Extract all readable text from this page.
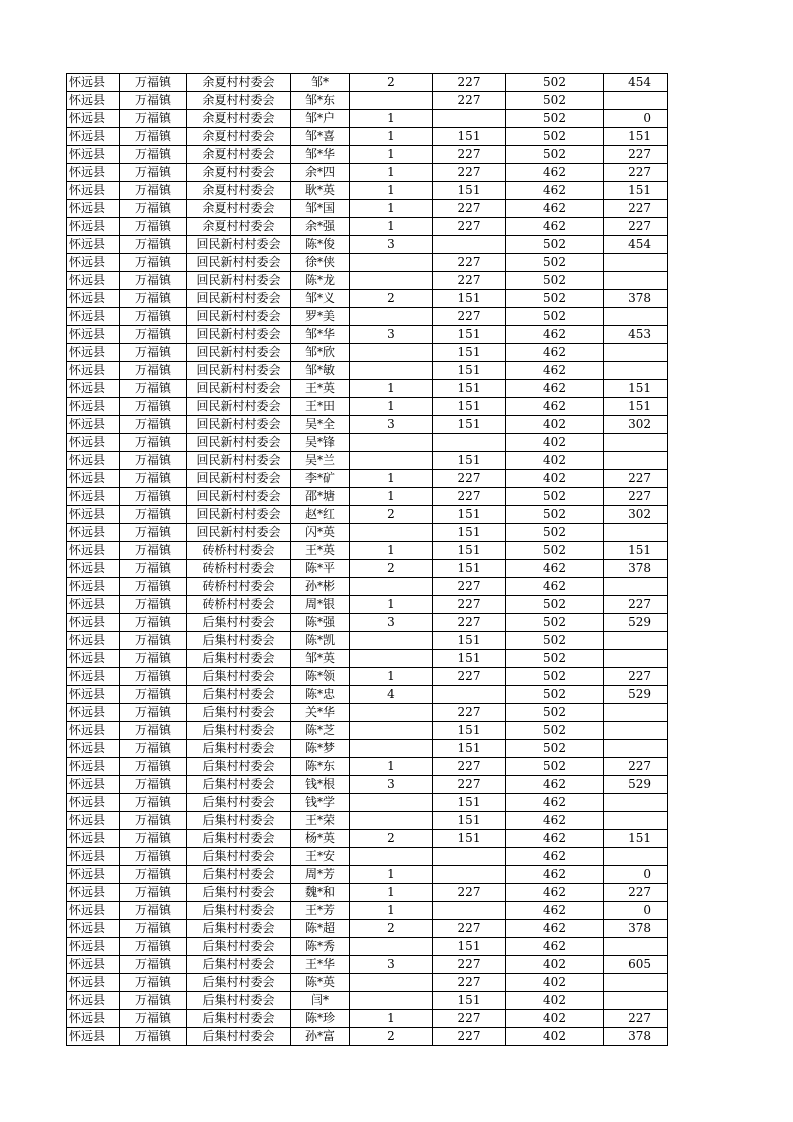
怀远县	万福镇	余夏村村委会	邹*	2	227	502	454
怀远县	万福镇	余夏村村委会	邹*东		227	502	
怀远县	万福镇	余夏村村委会	邹*户	1		502	0
怀远县	万福镇	余夏村村委会	邹*喜	1	151	502	151
怀远县	万福镇	余夏村村委会	邹*华	1	227	502	227
怀远县	万福镇	余夏村村委会	余*四	1	227	462	227
怀远县	万福镇	余夏村村委会	耿*英	1	151	462	151
怀远县	万福镇	余夏村村委会	邹*国	1	227	462	227
怀远县	万福镇	余夏村村委会	余*强	1	227	462	227
怀远县	万福镇	回民新村村委会	陈*俊	3		502	454
怀远县	万福镇	回民新村村委会	徐*侠		227	502	
怀远县	万福镇	回民新村村委会	陈*龙		227	502	
怀远县	万福镇	回民新村村委会	邹*义	2	151	502	378
怀远县	万福镇	回民新村村委会	罗*美		227	502	
怀远县	万福镇	回民新村村委会	邹*华	3	151	462	453
怀远县	万福镇	回民新村村委会	邹*欣		151	462	
怀远县	万福镇	回民新村村委会	邹*敏		151	462	
怀远县	万福镇	回民新村村委会	王*英	1	151	462	151
怀远县	万福镇	回民新村村委会	王*田	1	151	462	151
怀远县	万福镇	回民新村村委会	吴*全	3	151	402	302
怀远县	万福镇	回民新村村委会	吴*锋			402	
怀远县	万福镇	回民新村村委会	吴*兰		151	402	
怀远县	万福镇	回民新村村委会	李*矿	1	227	402	227
怀远县	万福镇	回民新村村委会	邵*塘	1	227	502	227
怀远县	万福镇	回民新村村委会	赵*红	2	151	502	302
怀远县	万福镇	回民新村村委会	闪*英		151	502	
怀远县	万福镇	砖桥村村委会	王*英	1	151	502	151
怀远县	万福镇	砖桥村村委会	陈*平	2	151	462	378
怀远县	万福镇	砖桥村村委会	孙*彬		227	462	
怀远县	万福镇	砖桥村村委会	周*银	1	227	502	227
怀远县	万福镇	后集村村委会	陈*强	3	227	502	529
怀远县	万福镇	后集村村委会	陈*凯		151	502	
怀远县	万福镇	后集村村委会	邹*英		151	502	
怀远县	万福镇	后集村村委会	陈*领	1	227	502	227
怀远县	万福镇	后集村村委会	陈*忠	4		502	529
怀远县	万福镇	后集村村委会	关*华		227	502	
怀远县	万福镇	后集村村委会	陈*芝		151	502	
怀远县	万福镇	后集村村委会	陈*梦		151	502	
怀远县	万福镇	后集村村委会	陈*东	1	227	502	227
怀远县	万福镇	后集村村委会	钱*根	3	227	462	529
怀远县	万福镇	后集村村委会	钱*学		151	462	
怀远县	万福镇	后集村村委会	王*荣		151	462	
怀远县	万福镇	后集村村委会	杨*英	2	151	462	151
怀远县	万福镇	后集村村委会	王*安			462	
怀远县	万福镇	后集村村委会	周*芳	1		462	0
怀远县	万福镇	后集村村委会	魏*和	1	227	462	227
怀远县	万福镇	后集村村委会	王*芳	1		462	0
怀远县	万福镇	后集村村委会	陈*超	2	227	462	378
怀远县	万福镇	后集村村委会	陈*秀		151	462	
怀远县	万福镇	后集村村委会	王*华	3	227	402	605
怀远县	万福镇	后集村村委会	陈*英		227	402	
怀远县	万福镇	后集村村委会	闫*		151	402	
怀远县	万福镇	后集村村委会	陈*珍	1	227	402	227
怀远县	万福镇	后集村村委会	孙*富	2	227	402	378
